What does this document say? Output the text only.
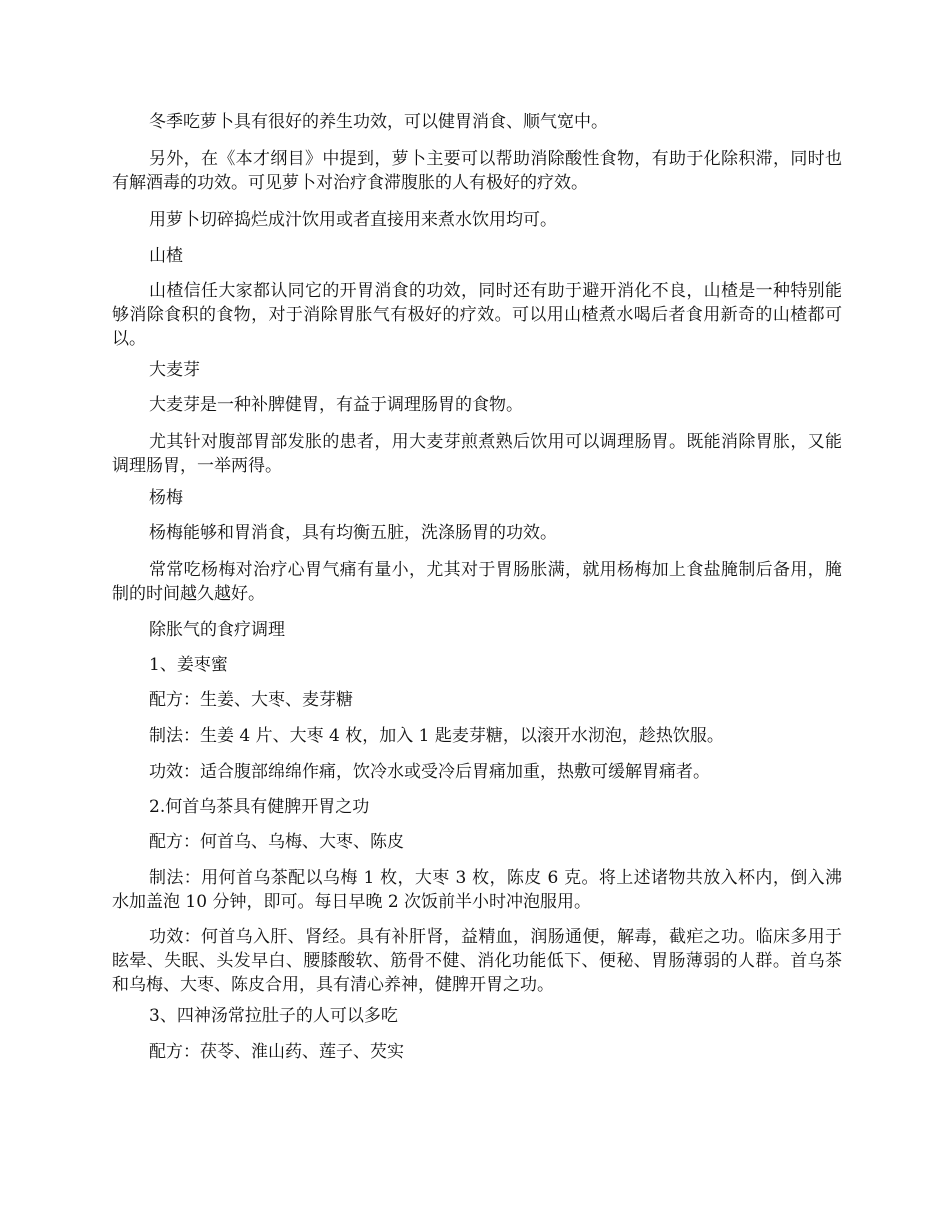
冬季吃萝卜具有很好的养生功效，可以健胃消食、顺气宽中。

另外，在《本才纲目》中提到，萝卜主要可以帮助消除酸性食物，有助于化除积滞，同时也有解酒毒的功效。可见萝卜对治疗食滞腹胀的人有极好的疗效。

用萝卜切碎捣烂成汁饮用或者直接用来煮水饮用均可。

山楂

山楂信任大家都认同它的开胃消食的功效，同时还有助于避开消化不良，山楂是一种特别能够消除食积的食物，对于消除胃胀气有极好的疗效。可以用山楂煮水喝后者食用新奇的山楂都可以。

大麦芽

大麦芽是一种补脾健胃，有益于调理肠胃的食物。

尤其针对腹部胃部发胀的患者，用大麦芽煎煮熟后饮用可以调理肠胃。既能消除胃胀，又能调理肠胃，一举两得。

杨梅

杨梅能够和胃消食，具有均衡五脏，洗涤肠胃的功效。

常常吃杨梅对治疗心胃气痛有量小，尤其对于胃肠胀满，就用杨梅加上食盐腌制后备用，腌制的时间越久越好。

除胀气的食疗调理

1、姜枣蜜

配方：生姜、大枣、麦芽糖

制法：生姜 4 片、大枣 4 枚，加入 1 匙麦芽糖，以滚开水沏泡，趁热饮服。

功效：适合腹部绵绵作痛，饮冷水或受冷后胃痛加重，热敷可缓解胃痛者。

2.何首乌茶具有健脾开胃之功

配方：何首乌、乌梅、大枣、陈皮

制法：用何首乌茶配以乌梅 1 枚，大枣 3 枚，陈皮 6 克。将上述诸物共放入杯内，倒入沸水加盖泡 10 分钟，即可。每日早晚 2 次饭前半小时冲泡服用。

功效：何首乌入肝、肾经。具有补肝肾，益精血，润肠通便，解毒，截疟之功。临床多用于眩晕、失眠、头发早白、腰膝酸软、筋骨不健、消化功能低下、便秘、胃肠薄弱的人群。首乌茶和乌梅、大枣、陈皮合用，具有清心养神，健脾开胃之功。

3、四神汤常拉肚子的人可以多吃

配方：茯苓、淮山药、莲子、芡实
